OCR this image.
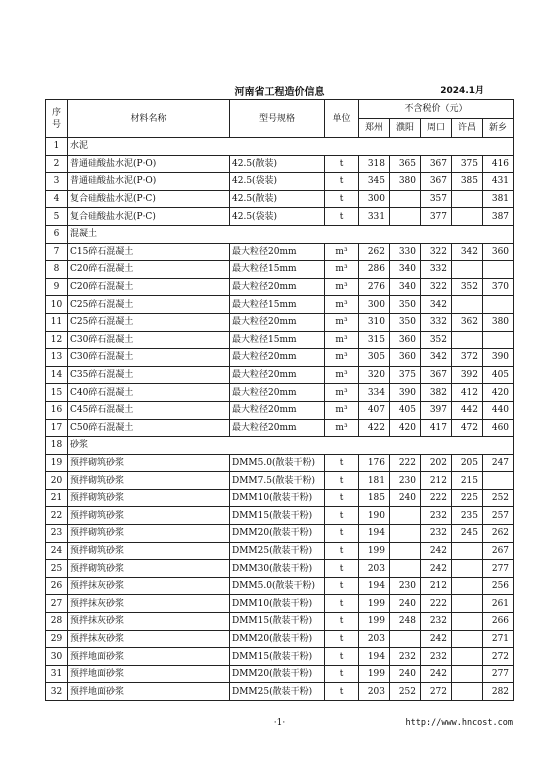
河南省工程造价信息	2024.1月
序号	材料名称	型号规格	单位	不含税价（元）				
				郑州	濮阳	周口	许昌	新乡
1	水泥							
2	普通硅酸盐水泥(P·O)	42.5(散装)	t	318	365	367	375	416
3	普通硅酸盐水泥(P·O)	42.5(袋装)	t	345	380	367	385	431
4	复合硅酸盐水泥(P·C)	42.5(散装)	t	300		357		381
5	复合硅酸盐水泥(P·C)	42.5(袋装)	t	331		377		387
6	混凝土							
7	C15碎石混凝土	最大粒径20mm	m³	262	330	322	342	360
8	C20碎石混凝土	最大粒径15mm	m³	286	340	332		
9	C20碎石混凝土	最大粒径20mm	m³	276	340	322	352	370
10	C25碎石混凝土	最大粒径15mm	m³	300	350	342		
11	C25碎石混凝土	最大粒径20mm	m³	310	350	332	362	380
12	C30碎石混凝土	最大粒径15mm	m³	315	360	352		
13	C30碎石混凝土	最大粒径20mm	m³	305	360	342	372	390
14	C35碎石混凝土	最大粒径20mm	m³	320	375	367	392	405
15	C40碎石混凝土	最大粒径20mm	m³	334	390	382	412	420
16	C45碎石混凝土	最大粒径20mm	m³	407	405	397	442	440
17	C50碎石混凝土	最大粒径20mm	m³	422	420	417	472	460
18	砂浆							
19	预拌砌筑砂浆	DMM5.0(散装干粉)	t	176	222	202	205	247
20	预拌砌筑砂浆	DMM7.5(散装干粉)	t	181	230	212	215	
21	预拌砌筑砂浆	DMM10(散装干粉)	t	185	240	222	225	252
22	预拌砌筑砂浆	DMM15(散装干粉)	t	190		232	235	257
23	预拌砌筑砂浆	DMM20(散装干粉)	t	194		232	245	262
24	预拌砌筑砂浆	DMM25(散装干粉)	t	199		242		267
25	预拌砌筑砂浆	DMM30(散装干粉)	t	203		242		277
26	预拌抹灰砂浆	DMM5.0(散装干粉)	t	194	230	212		256
27	预拌抹灰砂浆	DMM10(散装干粉)	t	199	240	222		261
28	预拌抹灰砂浆	DMM15(散装干粉)	t	199	248	232		266
29	预拌抹灰砂浆	DMM20(散装干粉)	t	203		242		271
30	预拌地面砂浆	DMM15(散装干粉)	t	194	232	232		272
31	预拌地面砂浆	DMM20(散装干粉)	t	199	240	242		277
32	预拌地面砂浆	DMM25(散装干粉)	t	203	252	272		282
·1·	http://www.hncost.com
